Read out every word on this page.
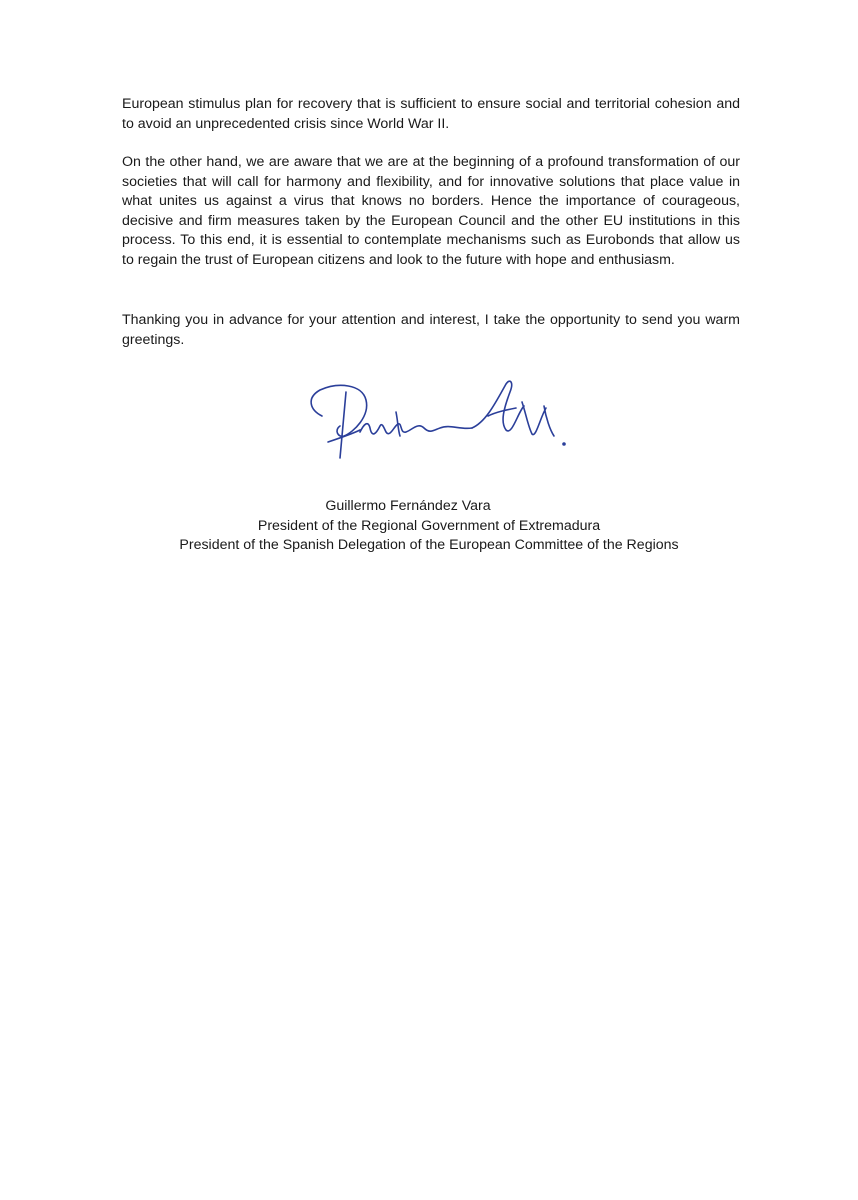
European stimulus plan for recovery that is sufficient to ensure social and territorial cohesion and to avoid an unprecedented crisis since World War II.

On the other hand, we are aware that we are at the beginning of a profound transformation of our societies that will call for harmony and flexibility, and for innovative solutions that place value in what unites us against a virus that knows no borders. Hence the importance of courageous, decisive and firm measures taken by the European Council and the other EU institutions in this process. To this end, it is essential to contemplate mechanisms such as Eurobonds that allow us to regain the trust of European citizens and look to the future with hope and enthusiasm.

Thanking you in advance for your attention and interest, I take the opportunity to send you warm greetings.

Guillermo Fernández Vara
President of the Regional Government of Extremadura
President of the Spanish Delegation of the European Committee of the Regions
